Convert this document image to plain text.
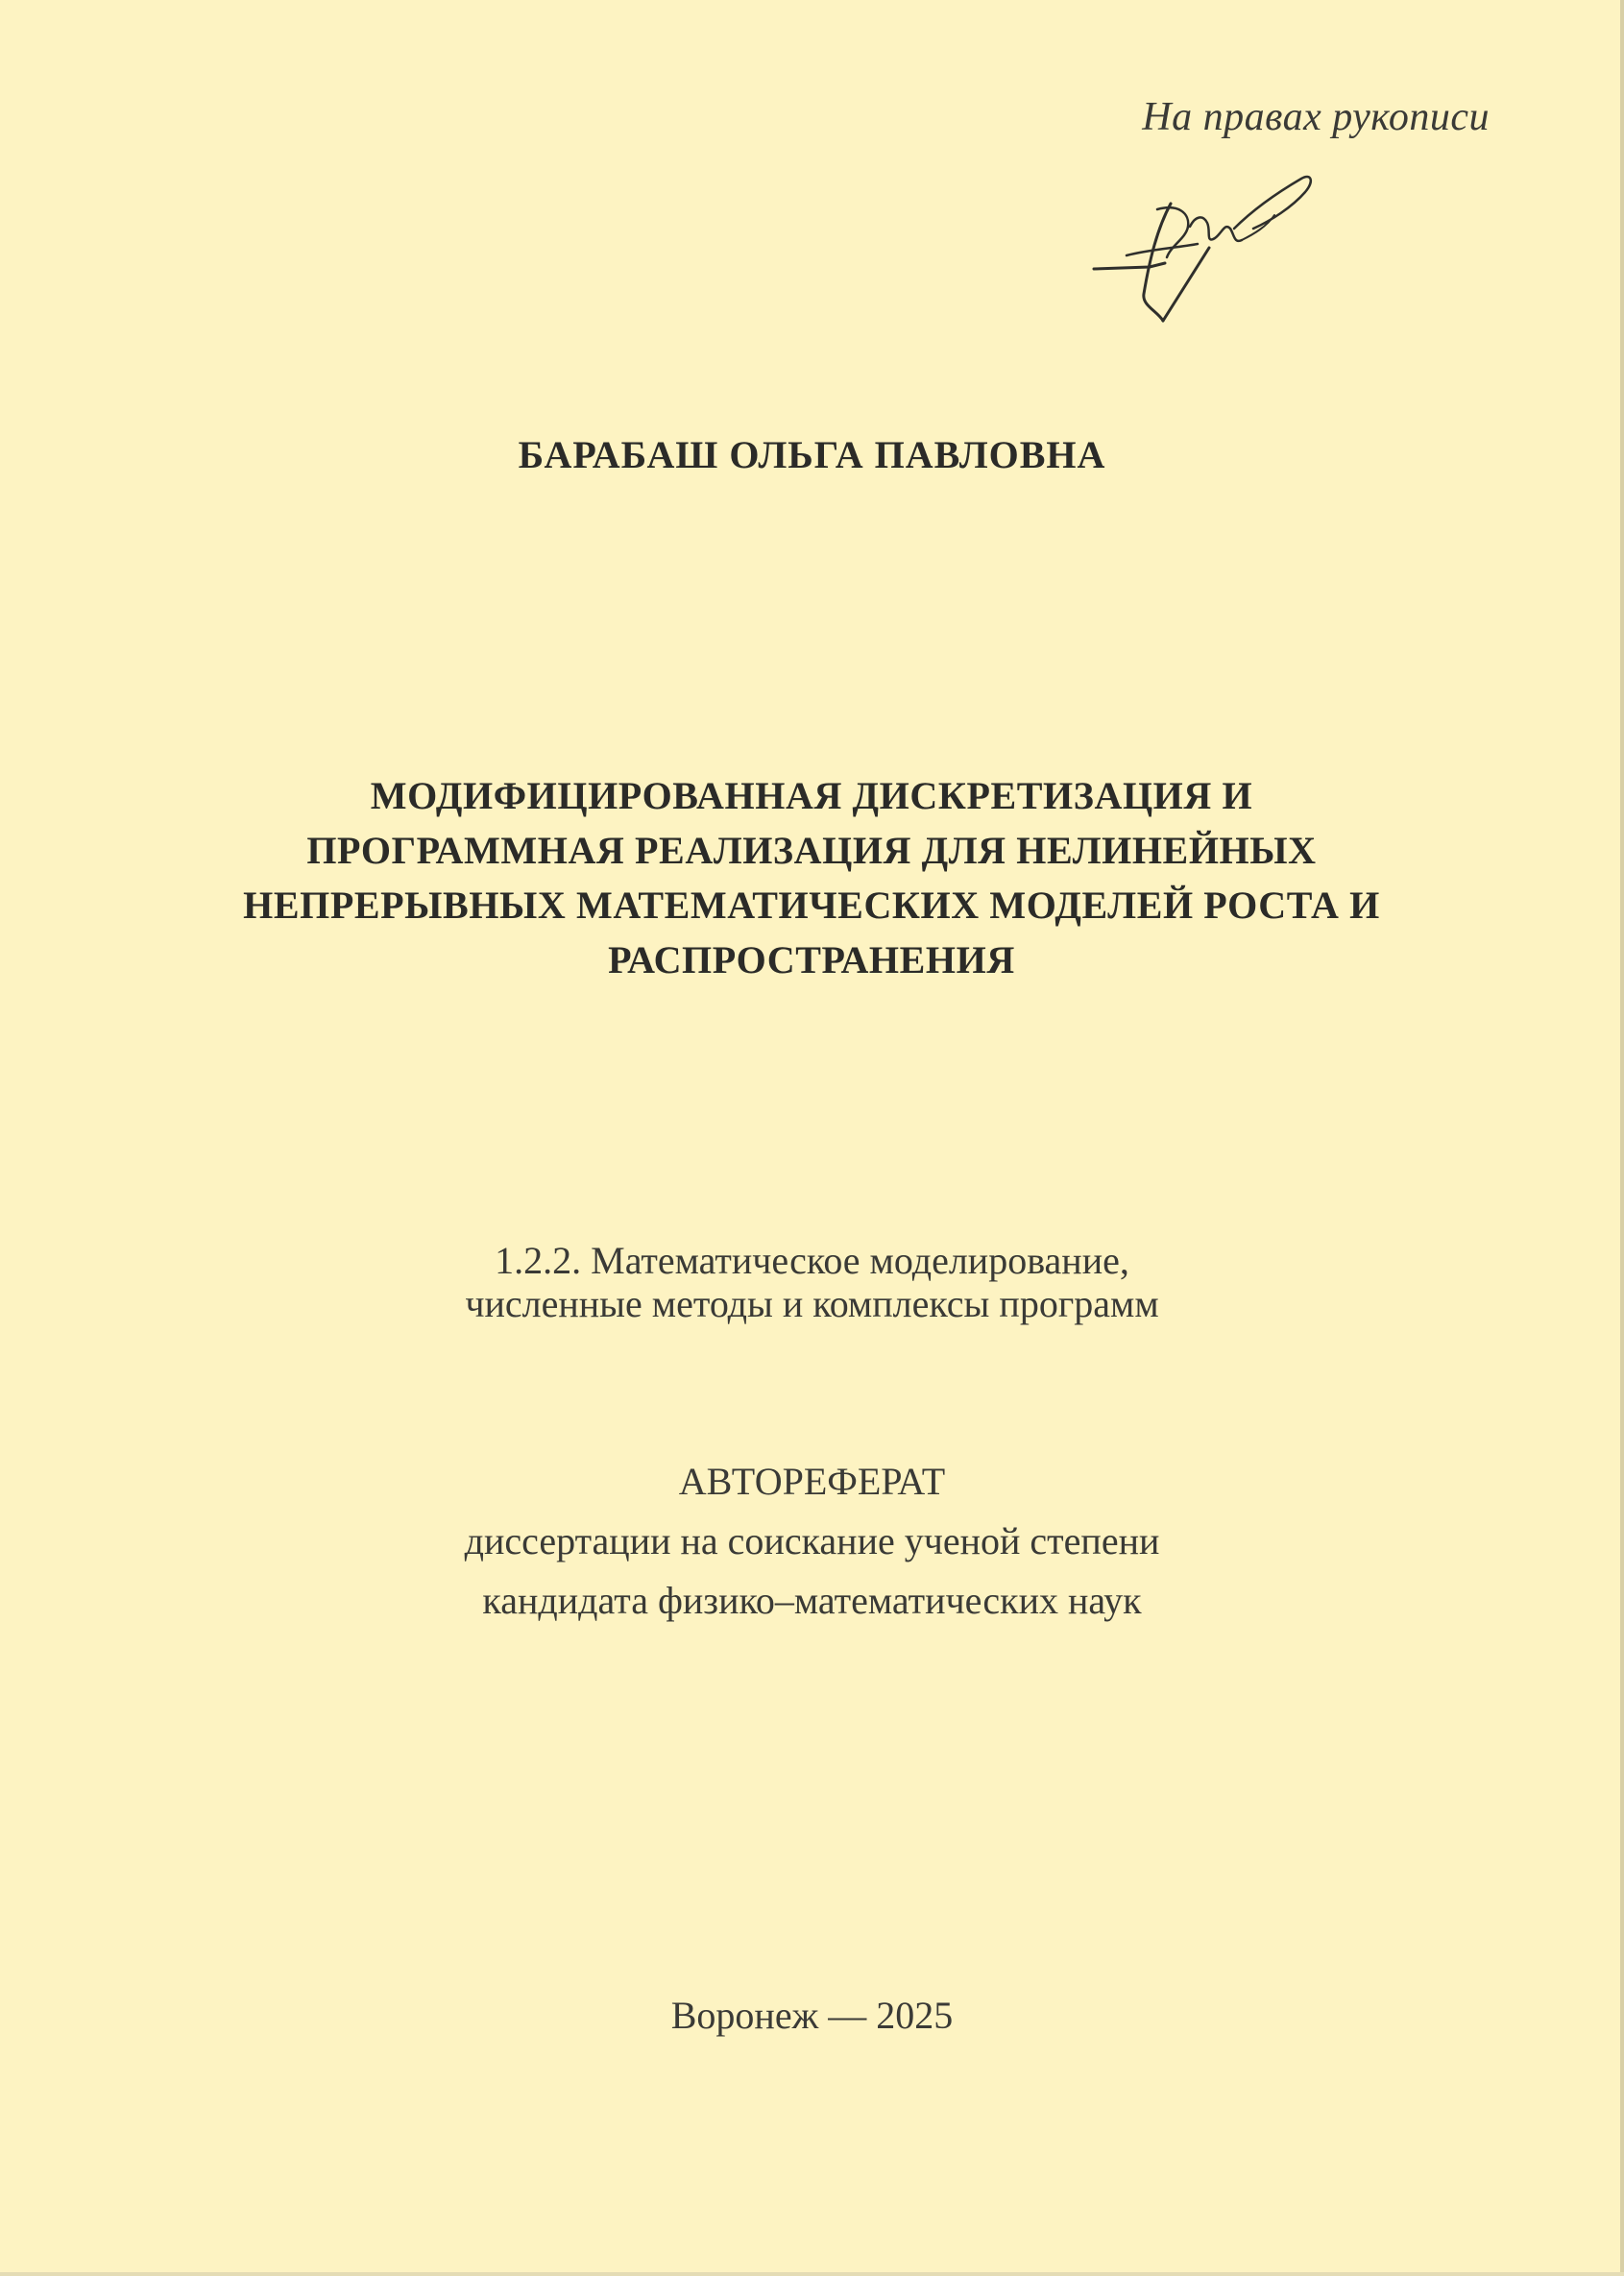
На правах рукописи
БАРАБАШ ОЛЬГА ПАВЛОВНА
МОДИФИЦИРОВАННАЯ ДИСКРЕТИЗАЦИЯ И
ПРОГРАММНАЯ РЕАЛИЗАЦИЯ ДЛЯ НЕЛИНЕЙНЫХ
НЕПРЕРЫВНЫХ МАТЕМАТИЧЕСКИХ МОДЕЛЕЙ РОСТА И
РАСПРОСТРАНЕНИЯ
1.2.2. Математическое моделирование,
численные методы и комплексы программ
АВТОРЕФЕРАТ
диссертации на соискание ученой степени
кандидата физико–математических наук
Воронеж — 2025
